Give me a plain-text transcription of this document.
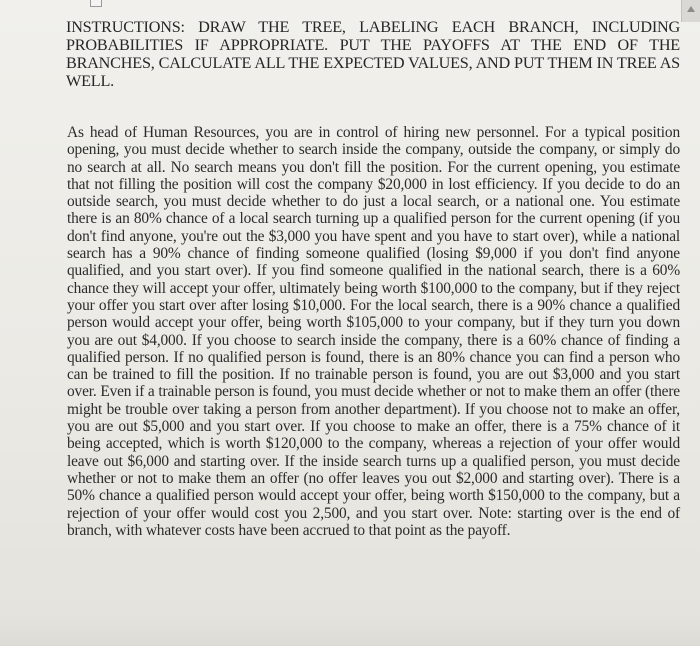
INSTRUCTIONS: DRAW THE TREE, LABELING EACH BRANCH, INCLUDING PROBABILITIES IF APPROPRIATE. PUT THE PAYOFFS AT THE END OF THE BRANCHES, CALCULATE ALL THE EXPECTED VALUES, AND PUT THEM IN TREE AS WELL.

As head of Human Resources, you are in control of hiring new personnel. For a typical position opening, you must decide whether to search inside the company, outside the company, or simply do no search at all. No search means you don't fill the position. For the current opening, you estimate that not filling the position will cost the company $20,000 in lost efficiency. If you decide to do an outside search, you must decide whether to do just a local search, or a national one. You estimate there is an 80% chance of a local search turning up a qualified person for the current opening (if you don't find anyone, you're out the $3,000 you have spent and you have to start over), while a national search has a 90% chance of finding someone qualified (losing $9,000 if you don't find anyone qualified, and you start over). If you find someone qualified in the national search, there is a 60% chance they will accept your offer, ultimately being worth $100,000 to the company, but if they reject your offer you start over after losing $10,000. For the local search, there is a 90% chance a qualified person would accept your offer, being worth $105,000 to your company, but if they turn you down you are out $4,000. If you choose to search inside the company, there is a 60% chance of finding a qualified person. If no qualified person is found, there is an 80% chance you can find a person who can be trained to fill the position. If no trainable person is found, you are out $3,000 and you start over. Even if a trainable person is found, you must decide whether or not to make them an offer (there might be trouble over taking a person from another department). If you choose not to make an offer, you are out $5,000 and you start over. If you choose to make an offer, there is a 75% chance of it being accepted, which is worth $120,000 to the company, whereas a rejection of your offer would leave out $6,000 and starting over. If the inside search turns up a qualified person, you must decide whether or not to make them an offer (no offer leaves you out $2,000 and starting over). There is a 50% chance a qualified person would accept your offer, being worth $150,000 to the company, but a rejection of your offer would cost you 2,500, and you start over. Note: starting over is the end of branch, with whatever costs have been accrued to that point as the payoff.
